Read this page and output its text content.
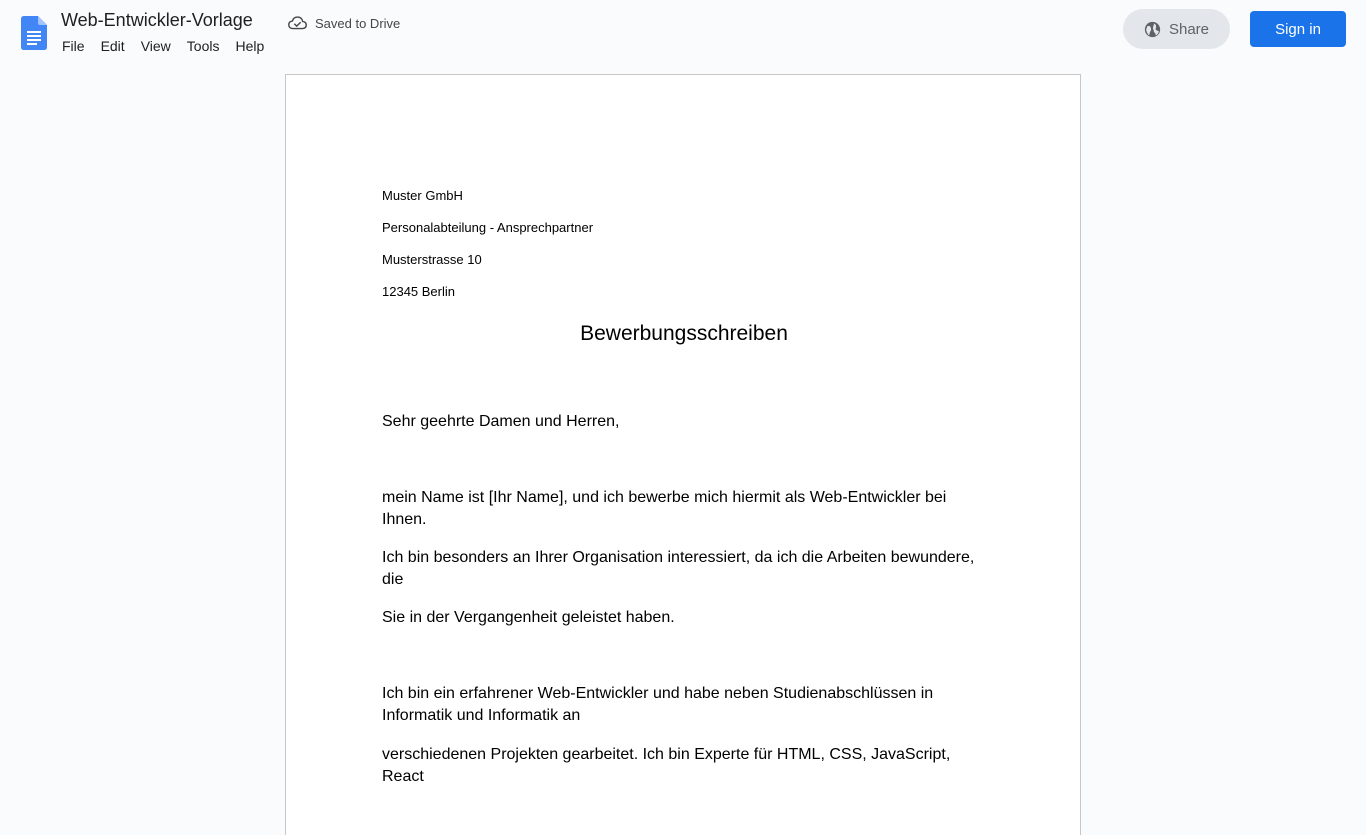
Web-Entwickler-Vorlage	Saved to Drive
File	Edit	View	Tools	Help
Share	Sign in
Muster GmbH
Personalabteilung - Ansprechpartner
Musterstrasse 10
12345 Berlin
Bewerbungsschreiben
Sehr geehrte Damen und Herren,
mein Name ist [Ihr Name], und ich bewerbe mich hiermit als Web-Entwickler bei Ihnen.
Ich bin besonders an Ihrer Organisation interessiert, da ich die Arbeiten bewundere, die
Sie in der Vergangenheit geleistet haben.
Ich bin ein erfahrener Web-Entwickler und habe neben Studienabschlüssen in Informatik und Informatik an
verschiedenen Projekten gearbeitet. Ich bin Experte für HTML, CSS, JavaScript, React
